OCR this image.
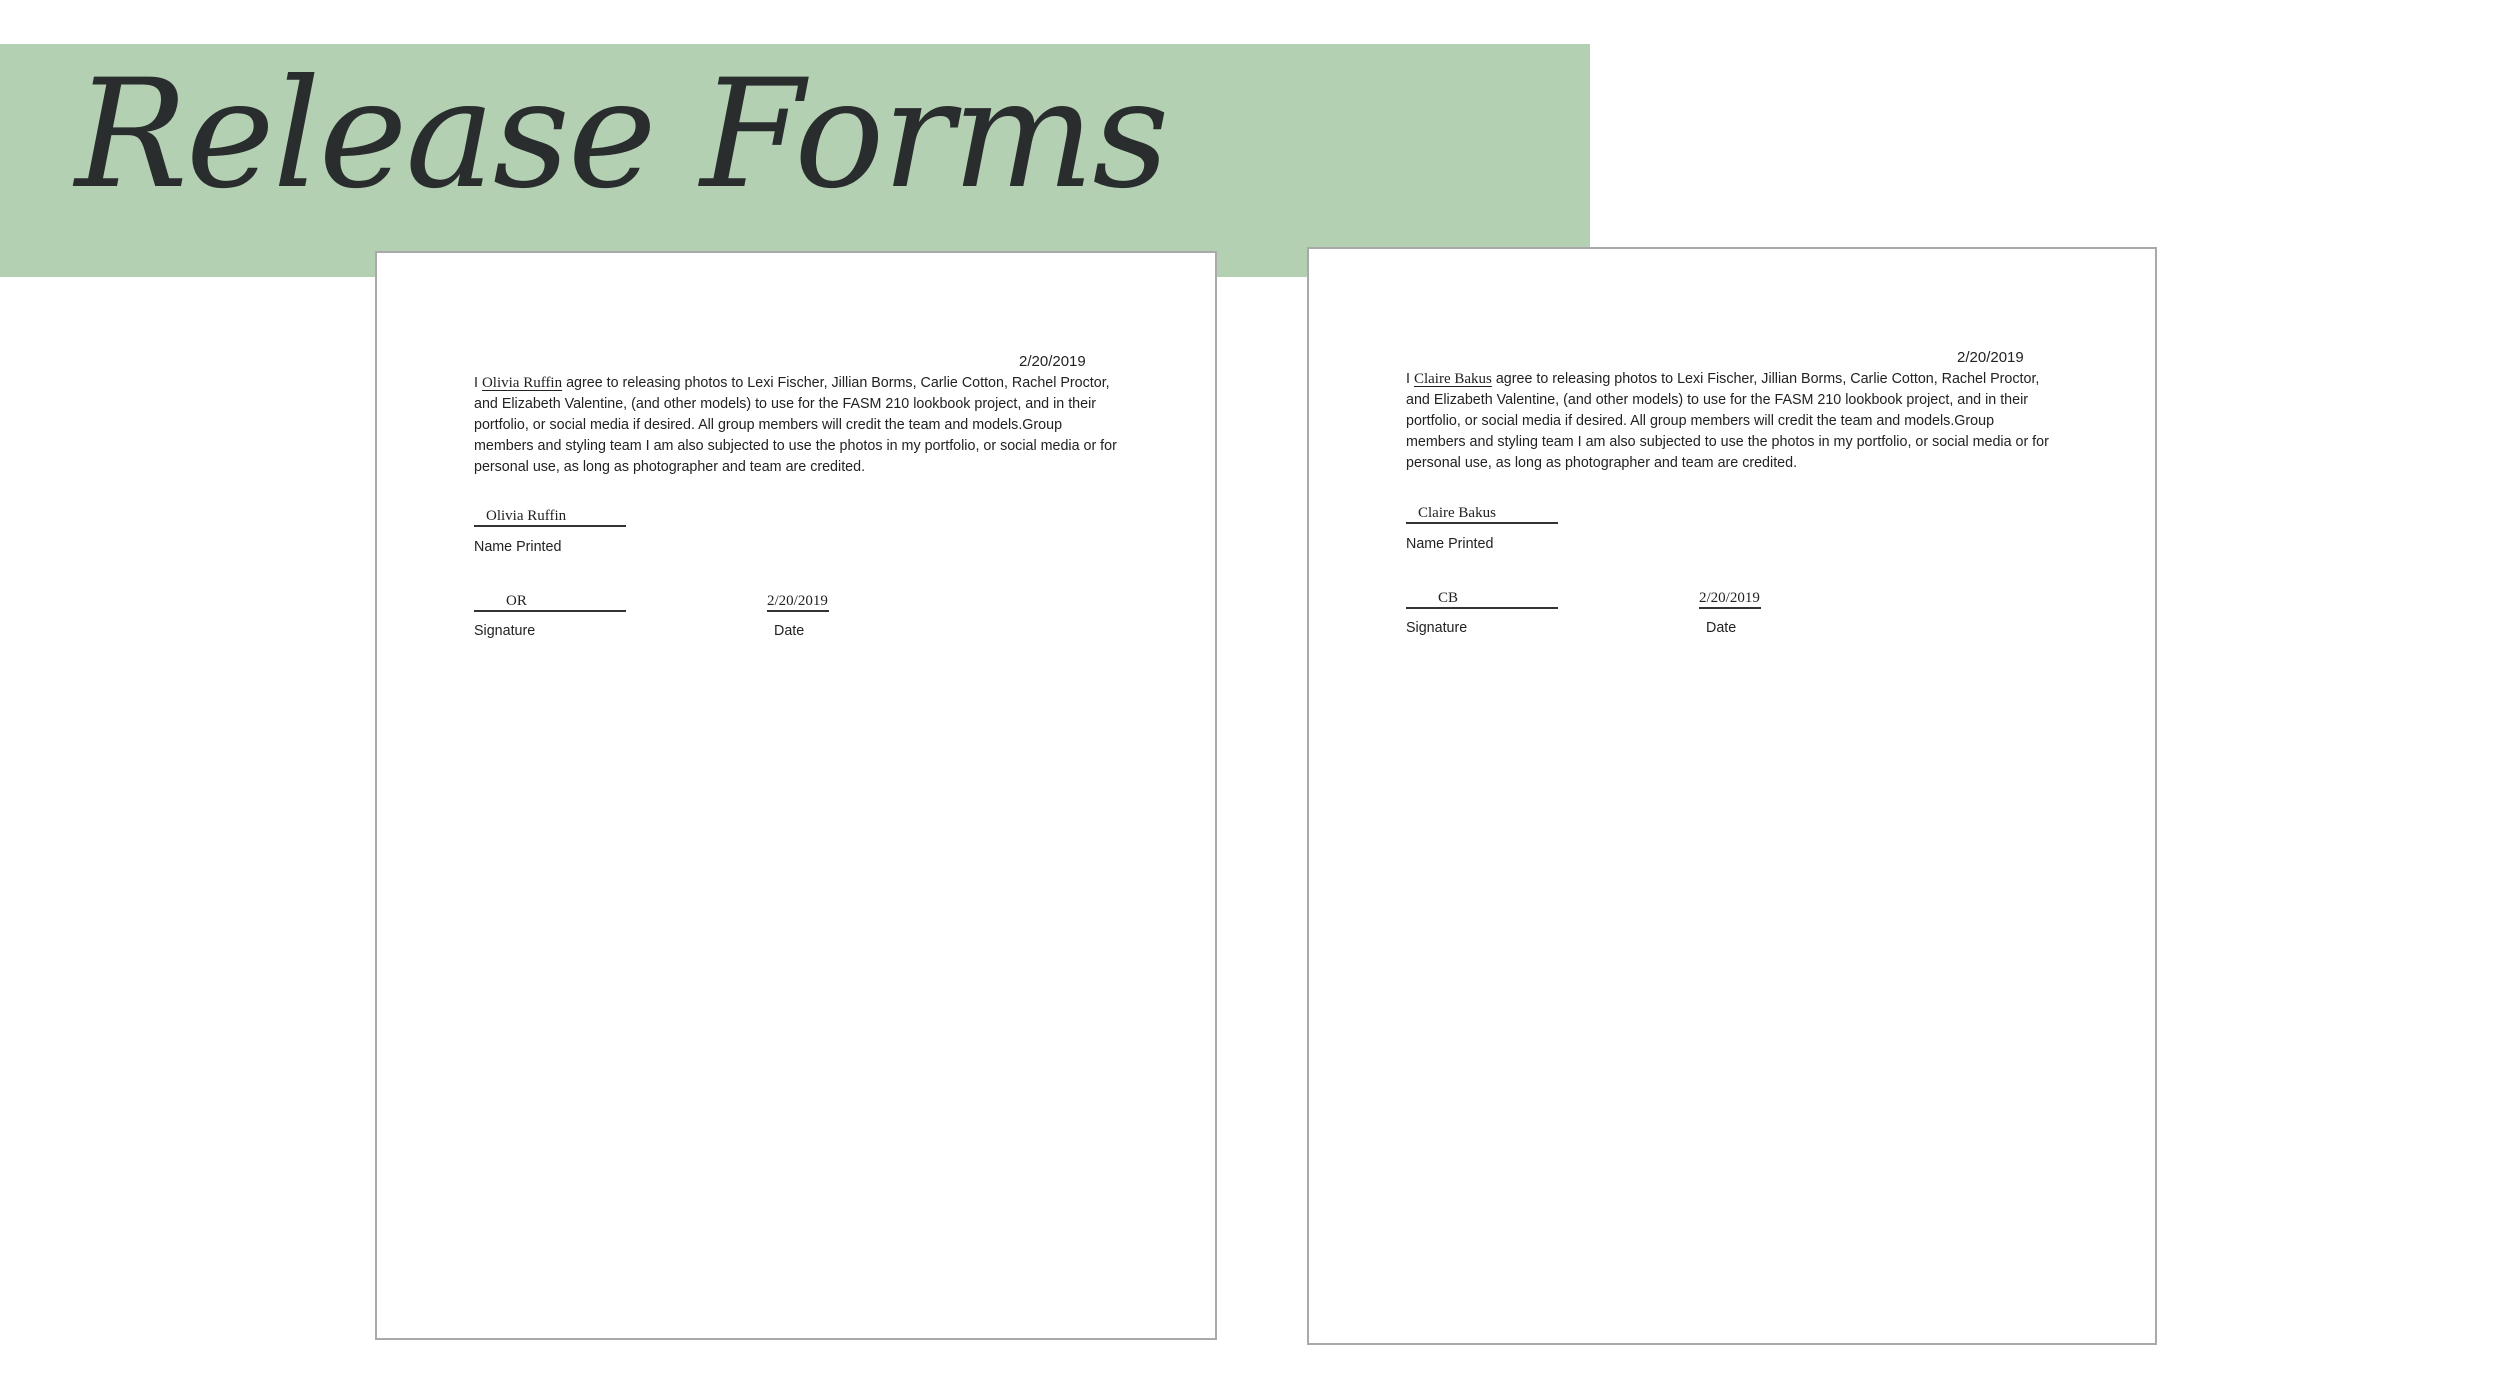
Release Forms
2/20/2019
I Olivia Ruffin agree to releasing photos to Lexi Fischer, Jillian Borms, Carlie Cotton, Rachel Proctor, and Elizabeth Valentine, (and other models) to use for the FASM 210 lookbook project, and in their portfolio, or social media if desired. All group members will credit the team and models.Group members and styling team I am also subjected to use the photos in my portfolio, or social media or for personal use, as long as photographer and team are credited.
Olivia Ruffin
Name Printed
OR
Signature
2/20/2019
Date
2/20/2019
I Claire Bakus agree to releasing photos to Lexi Fischer, Jillian Borms, Carlie Cotton, Rachel Proctor, and Elizabeth Valentine, (and other models) to use for the FASM 210 lookbook project, and in their portfolio, or social media if desired. All group members will credit the team and models.Group members and styling team I am also subjected to use the photos in my portfolio, or social media or for personal use, as long as photographer and team are credited.
Claire Bakus
Name Printed
CB
Signature
2/20/2019
Date
